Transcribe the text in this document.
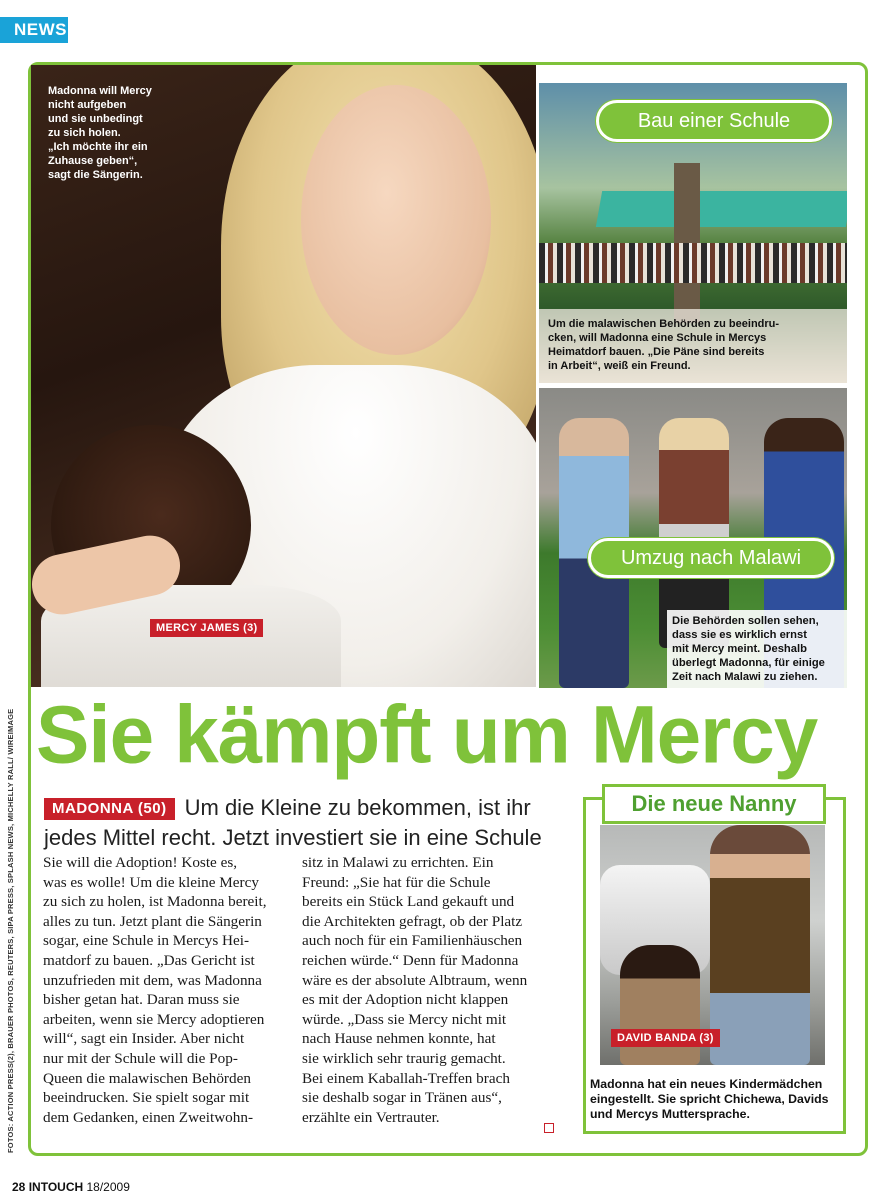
NEWS
Madonna will Mercy
nicht aufgeben
und sie unbedingt
zu sich holen.
„Ich möchte ihr ein
Zuhause geben“,
sagt die Sängerin.
MERCY JAMES (3)
Bau einer Schule
Um die malawischen Behörden zu beeindru-
cken, will Madonna eine Schule in Mercys
Heimatdorf bauen. „Die Päne sind bereits
in Arbeit“, weiß ein Freund.
Umzug nach Malawi
Die Behörden sollen sehen,
dass sie es wirklich ernst
mit Mercy meint. Deshalb
überlegt Madonna, für einige
Zeit nach Malawi zu ziehen.
Sie kämpft um Mercy
MADONNA (50) Um die Kleine zu bekommen, ist ihr jedes Mittel recht. Jetzt investiert sie in eine Schule
Sie will die Adoption! Koste es,
was es wolle! Um die kleine Mercy
zu sich zu holen, ist Madonna bereit,
alles zu tun. Jetzt plant die Sängerin
sogar, eine Schule in Mercys Hei-
matdorf zu bauen. „Das Gericht ist
unzufrieden mit dem, was Madonna
bisher getan hat. Daran muss sie
arbeiten, wenn sie Mercy adoptieren
will“, sagt ein Insider. Aber nicht
nur mit der Schule will die Pop-
Queen die malawischen Behörden
beeindrucken. Sie spielt sogar mit
dem Gedanken, einen Zweitwohn-
sitz in Malawi zu errichten. Ein
Freund: „Sie hat für die Schule
bereits ein Stück Land gekauft und
die Architekten gefragt, ob der Platz
auch noch für ein Familienhäuschen
reichen würde.“ Denn für Madonna
wäre es der absolute Albtraum, wenn
es mit der Adoption nicht klappen
würde. „Dass sie Mercy nicht mit
nach Hause nehmen konnte, hat
sie wirklich sehr traurig gemacht.
Bei einem Kaballah-Treffen brach
sie deshalb sogar in Tränen aus“,
erzählte ein Vertrauter.
Die neue Nanny
DAVID BANDA (3)
Madonna hat ein neues Kindermädchen
eingestellt. Sie spricht Chichewa, Davids
und Mercys Muttersprache.
28 INTOUCH 18/2009
FOTOS: ACTION PRESS(2), BRAUER PHOTOS, REUTERS, SIPA PRESS, SPLASH NEWS, MICHELLY RALL/ WIREIMAGE
